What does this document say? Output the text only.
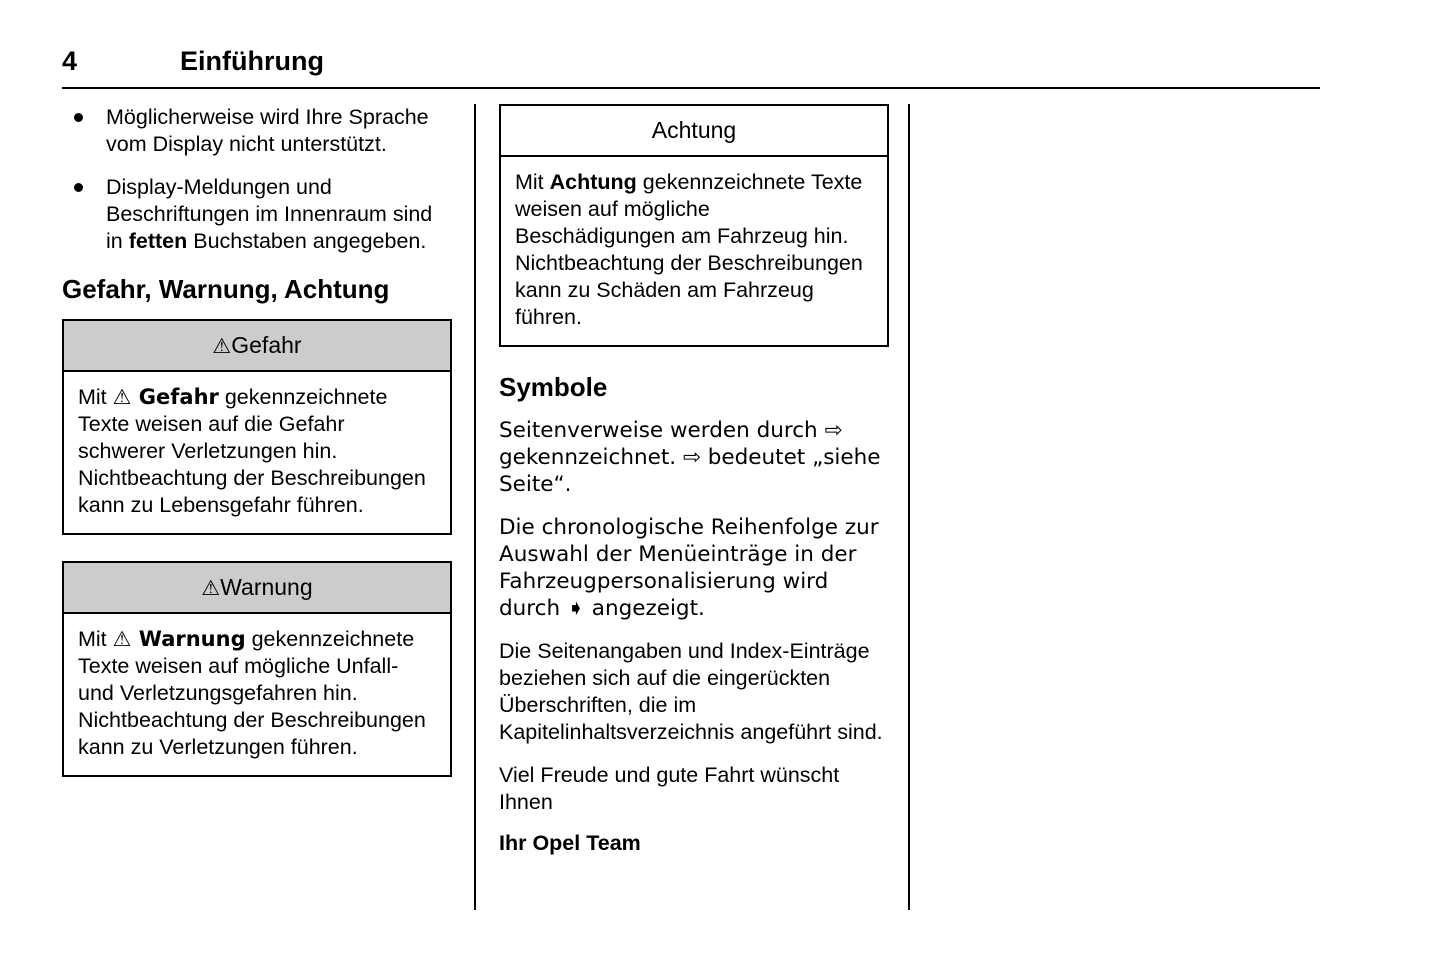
4	Einführung
Möglicherweise wird Ihre Sprache vom Display nicht unterstützt.
Display-Meldungen und Beschriftungen im Innenraum sind in fetten Buchstaben angegeben.
Gefahr, Warnung, Achtung
⚠Gefahr
Mit ⚠ Gefahr gekennzeichnete Texte weisen auf die Gefahr schwerer Verletzungen hin. Nichtbeachtung der Beschreibungen kann zu Lebensgefahr führen.
⚠Warnung
Mit ⚠ Warnung gekennzeichnete Texte weisen auf mögliche Unfall- und Verletzungsgefahren hin. Nichtbeachtung der Beschreibungen kann zu Verletzungen führen.
Achtung
Mit Achtung gekennzeichnete Texte weisen auf mögliche Beschädigungen am Fahrzeug hin. Nichtbeachtung der Beschreibungen kann zu Schäden am Fahrzeug führen.
Symbole

Seitenverweise werden durch ⇨ gekennzeichnet. ⇨ bedeutet „siehe Seite“.

Die chronologische Reihenfolge zur Auswahl der Menüeinträge in der Fahrzeugpersonalisierung wird durch ➧ angezeigt.

Die Seitenangaben und Index-Einträge beziehen sich auf die eingerückten Überschriften, die im Kapitelinhaltsverzeichnis angeführt sind.

Viel Freude und gute Fahrt wünscht Ihnen

Ihr Opel Team
